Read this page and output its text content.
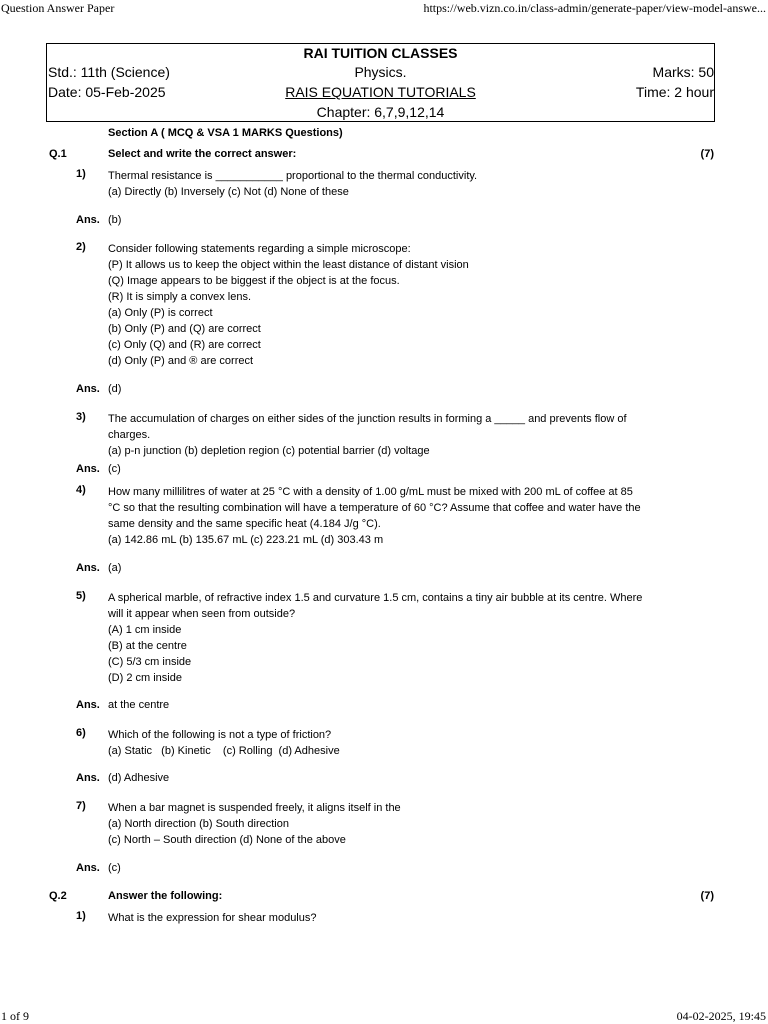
Question Answer Paper	https://web.vizn.co.in/class-admin/generate-paper/view-model-answe...
RAI TUITION CLASSES
Std.: 11th (Science)	Physics.	Marks: 50
Date: 05-Feb-2025	RAIS EQUATION TUTORIALS	Time: 2 hour
Chapter: 6,7,9,12,14
Section A ( MCQ & VSA 1 MARKS Questions)
Q.1	Select and write the correct answer:	(7)
1) Thermal resistance is ___________ proportional to the thermal conductivity.
(a) Directly (b) Inversely (c) Not (d) None of these
Ans. (b)
2) Consider following statements regarding a simple microscope:
(P) It allows us to keep the object within the least distance of distant vision
(Q) Image appears to be biggest if the object is at the focus.
(R) It is simply a convex lens.
(a) Only (P) is correct
(b) Only (P) and (Q) are correct
(c) Only (Q) and (R) are correct
(d) Only (P) and ® are correct
Ans. (d)
3) The accumulation of charges on either sides of the junction results in forming a _____ and prevents flow of
charges.
(a) p-n junction (b) depletion region (c) potential barrier (d) voltage
Ans. (c)
4) How many millilitres of water at 25 °C with a density of 1.00 g/mL must be mixed with 200 mL of coffee at 85
°C so that the resulting combination will have a temperature of 60 °C? Assume that coffee and water have the
same density and the same specific heat (4.184 J/g °C).
(a) 142.86 mL (b) 135.67 mL (c) 223.21 mL (d) 303.43 m
Ans. (a)
5) A spherical marble, of refractive index 1.5 and curvature 1.5 cm, contains a tiny air bubble at its centre. Where
will it appear when seen from outside?
(A) 1 cm inside
(B) at the centre
(C) 5/3 cm inside
(D) 2 cm inside
Ans. at the centre
6) Which of the following is not a type of friction?
(a) Static   (b) Kinetic    (c) Rolling  (d) Adhesive
Ans. (d) Adhesive
7) When a bar magnet is suspended freely, it aligns itself in the
(a) North direction (b) South direction
(c) North – South direction (d) None of the above
Ans. (c)
Q.2	Answer the following:	(7)
1) What is the expression for shear modulus?
1 of 9	04-02-2025, 19:45
